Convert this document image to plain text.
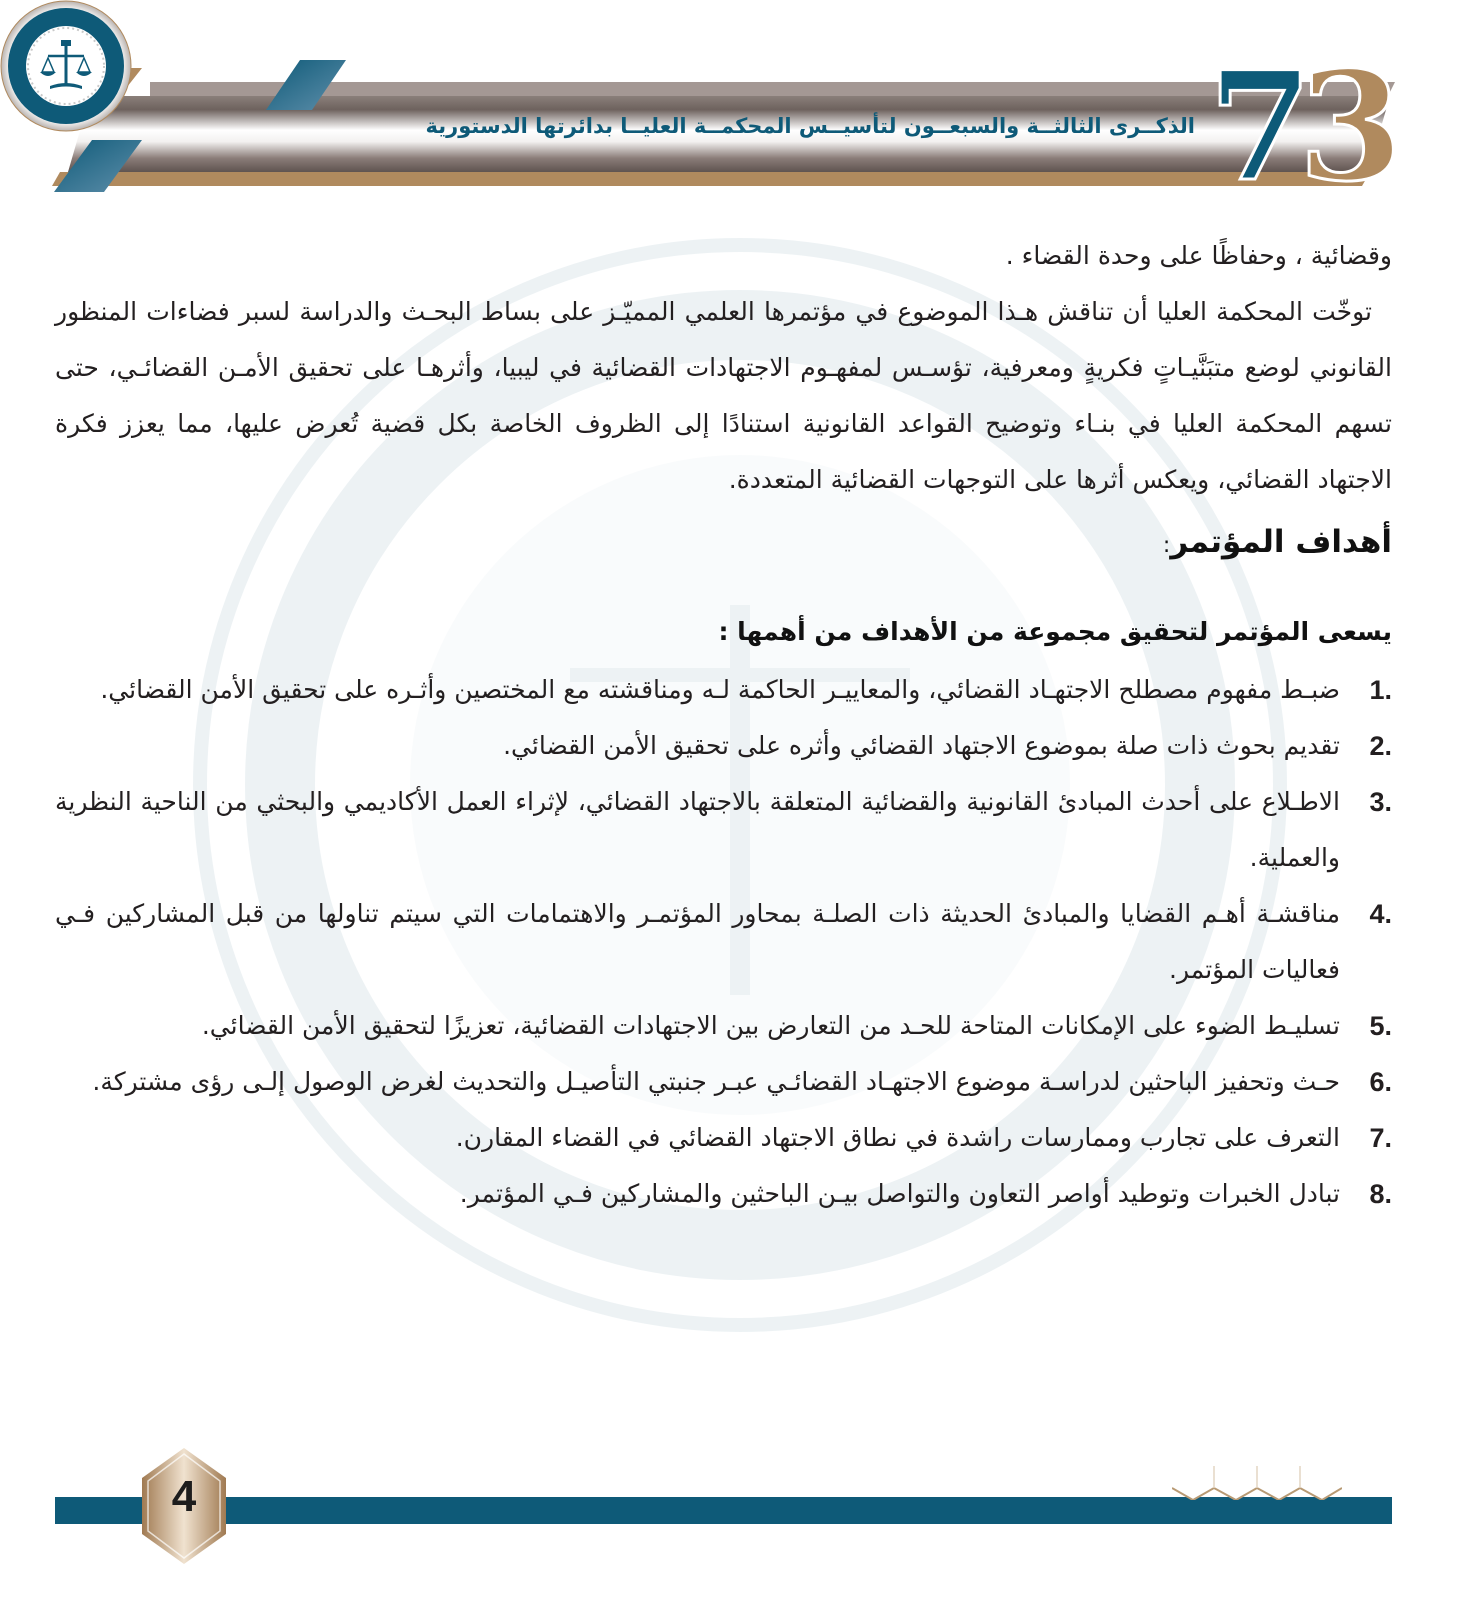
الذكــرى الثالثــة والسبعــون لتأسيــس المحكمــة العليــا بدائرتها الدستورية 73

وقضائية ، وحفاظًا على وحدة القضاء .

توخّت المحكمة العليا أن تناقش هـذا الموضوع في مؤتمرها العلمي المميّـز على بساط البحـث والدراسة لسبر فضاءات المنظور القانوني لوضع متبَنَّيـاتٍ فكريةٍ ومعرفية، تؤسـس لمفهـوم الاجتهادات القضائية في ليبيا، وأثرهـا على تحقيق الأمـن القضائـي، حتى تسهم المحكمة العليا في بنـاء وتوضيح القواعد القانونية استنادًا إلى الظروف الخاصة بكل قضية تُعرض عليها، مما يعزز فكرة الاجتهاد القضائي، ويعكس أثرها على التوجهات القضائية المتعددة.

أهداف المؤتمر:

يسعى المؤتمر لتحقيق مجموعة من الأهداف من أهمها :

1.
ضبـط مفهوم مصطلح الاجتهـاد القضائي، والمعاييـر الحاكمة لـه ومناقشته مع المختصين وأثـره على تحقيق الأمن القضائي.
2.
تقديم بحوث ذات صلة بموضوع الاجتهاد القضائي وأثره على تحقيق الأمن القضائي.
3.
الاطـلاع على أحدث المبادئ القانونية والقضائية المتعلقة بالاجتهاد القضائي، لإثراء العمل الأكاديمي والبحثي من الناحية النظرية والعملية.
4.
مناقشـة أهـم القضايا والمبادئ الحديثة ذات الصلـة بمحاور المؤتمـر والاهتمامات التي سيتم تناولها من قبل المشاركين فـي فعاليات المؤتمر.
5.
تسليـط الضوء على الإمكانات المتاحة للحـد من التعارض بين الاجتهادات القضائية، تعزيزًا لتحقيق الأمن القضائي.
6.
حـث وتحفيز الباحثين لدراسـة موضوع الاجتهـاد القضائـي عبـر جنبتي التأصيـل والتحديث لغرض الوصول إلـى رؤى مشتركة.
7.
التعرف على تجارب وممارسات راشدة في نطاق الاجتهاد القضائي في القضاء المقارن.
8.
تبادل الخبرات وتوطيد أواصر التعاون والتواصل بيـن الباحثين والمشاركين فـي المؤتمر.
4
